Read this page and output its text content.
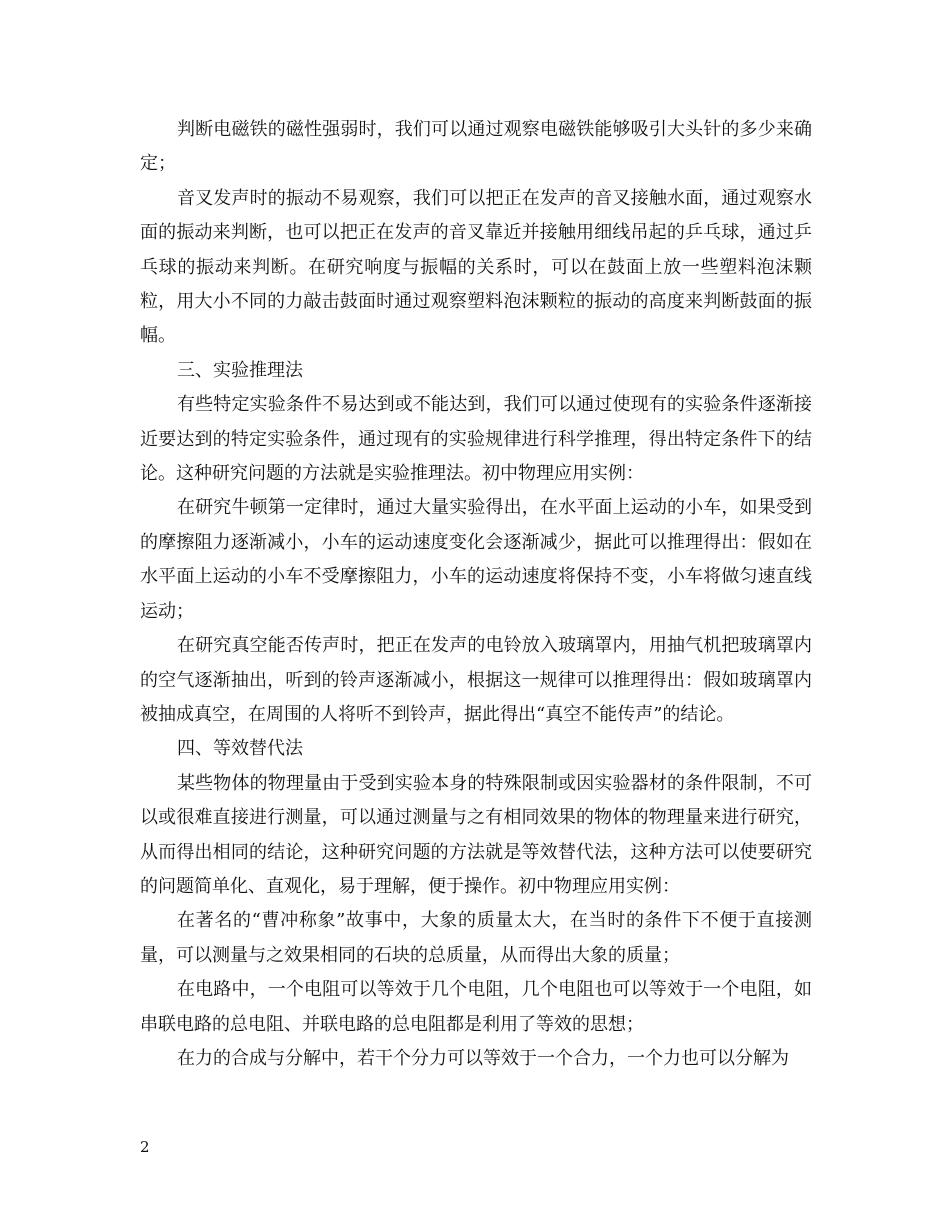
判断电磁铁的磁性强弱时，我们可以通过观察电磁铁能够吸引大头针的多少来确定；

音叉发声时的振动不易观察，我们可以把正在发声的音叉接触水面，通过观察水面的振动来判断，也可以把正在发声的音叉靠近并接触用细线吊起的乒乓球，通过乒乓球的振动来判断。在研究响度与振幅的关系时，可以在鼓面上放一些塑料泡沫颗粒，用大小不同的力敲击鼓面时通过观察塑料泡沫颗粒的振动的高度来判断鼓面的振幅。

三、实验推理法

有些特定实验条件不易达到或不能达到，我们可以通过使现有的实验条件逐渐接近要达到的特定实验条件，通过现有的实验规律进行科学推理，得出特定条件下的结论。这种研究问题的方法就是实验推理法。初中物理应用实例：

在研究牛顿第一定律时，通过大量实验得出，在水平面上运动的小车，如果受到的摩擦阻力逐渐减小，小车的运动速度变化会逐渐减少，据此可以推理得出：假如在水平面上运动的小车不受摩擦阻力，小车的运动速度将保持不变，小车将做匀速直线运动；

在研究真空能否传声时，把正在发声的电铃放入玻璃罩内，用抽气机把玻璃罩内的空气逐渐抽出，听到的铃声逐渐减小，根据这一规律可以推理得出：假如玻璃罩内被抽成真空，在周围的人将听不到铃声，据此得出“真空不能传声”的结论。

四、等效替代法

某些物体的物理量由于受到实验本身的特殊限制或因实验器材的条件限制，不可以或很难直接进行测量，可以通过测量与之有相同效果的物体的物理量来进行研究，从而得出相同的结论，这种研究问题的方法就是等效替代法，这种方法可以使要研究的问题简单化、直观化，易于理解，便于操作。初中物理应用实例：

在著名的“曹冲称象”故事中，大象的质量太大，在当时的条件下不便于直接测量，可以测量与之效果相同的石块的总质量，从而得出大象的质量；

在电路中，一个电阻可以等效于几个电阻，几个电阻也可以等效于一个电阻，如串联电路的总电阻、并联电路的总电阻都是利用了等效的思想；

在力的合成与分解中，若干个分力可以等效于一个合力，一个力也可以分解为

2
